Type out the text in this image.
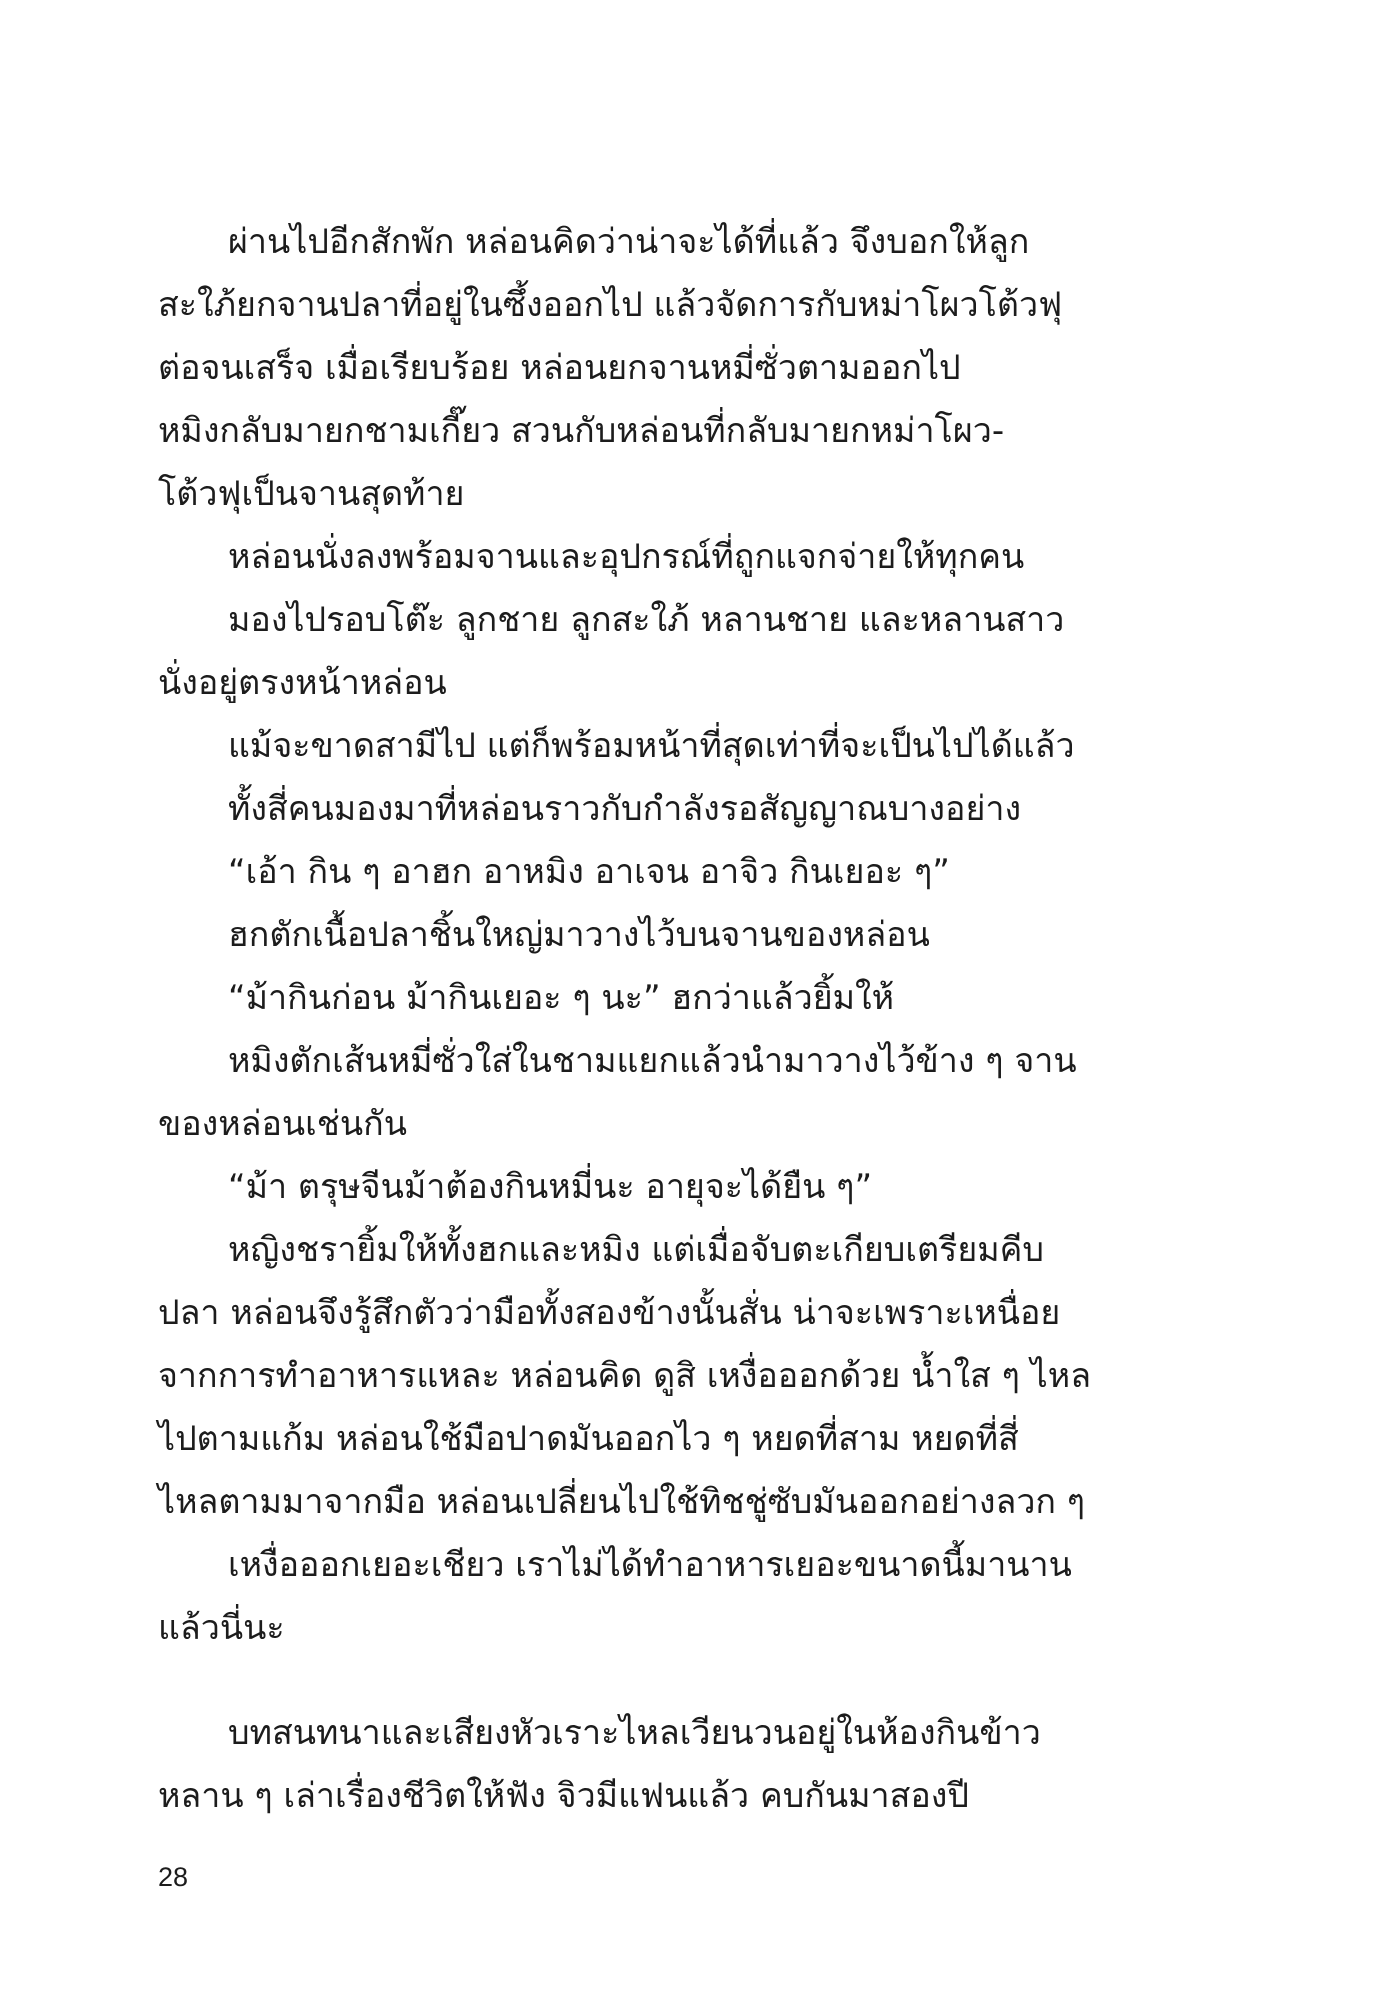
ผ่านไปอีกสักพัก หล่อนคิดว่าน่าจะได้ที่แล้ว จึงบอกให้ลูก
สะใภ้ยกจานปลาที่อยู่ในซึ้งออกไป แล้วจัดการกับหม่าโผวโต้วฟุ
ต่อจนเสร็จ เมื่อเรียบร้อย หล่อนยกจานหมี่ซั่วตามออกไป
หมิงกลับมายกชามเกี๊ยว สวนกับหล่อนที่กลับมายกหม่าโผว-
โต้วฟุเป็นจานสุดท้าย
หล่อนนั่งลงพร้อมจานและอุปกรณ์ที่ถูกแจกจ่ายให้ทุกคน
มองไปรอบโต๊ะ ลูกชาย ลูกสะใภ้ หลานชาย และหลานสาว
นั่งอยู่ตรงหน้าหล่อน
แม้จะขาดสามีไป แต่ก็พร้อมหน้าที่สุดเท่าที่จะเป็นไปได้แล้ว
ทั้งสี่คนมองมาที่หล่อนราวกับกำลังรอสัญญาณบางอย่าง
“เอ้า กิน ๆ อาฮก อาหมิง อาเจน อาจิว กินเยอะ ๆ”
ฮกตักเนื้อปลาชิ้นใหญ่มาวางไว้บนจานของหล่อน
“ม้ากินก่อน ม้ากินเยอะ ๆ นะ” ฮกว่าแล้วยิ้มให้
หมิงตักเส้นหมี่ซั่วใส่ในชามแยกแล้วนำมาวางไว้ข้าง ๆ จาน
ของหล่อนเช่นกัน
“ม้า ตรุษจีนม้าต้องกินหมี่นะ อายุจะได้ยืน ๆ”
หญิงชรายิ้มให้ทั้งฮกและหมิง แต่เมื่อจับตะเกียบเตรียมคีบ
ปลา หล่อนจึงรู้สึกตัวว่ามือทั้งสองข้างนั้นสั่น น่าจะเพราะเหนื่อย
จากการทำอาหารแหละ หล่อนคิด ดูสิ เหงื่อออกด้วย น้ำใส ๆ ไหล
ไปตามแก้ม หล่อนใช้มือปาดมันออกไว ๆ หยดที่สาม หยดที่สี่
ไหลตามมาจากมือ หล่อนเปลี่ยนไปใช้ทิชชู่ซับมันออกอย่างลวก ๆ
เหงื่อออกเยอะเชียว เราไม่ได้ทำอาหารเยอะขนาดนี้มานาน
แล้วนี่นะ
บทสนทนาและเสียงหัวเราะไหลเวียนวนอยู่ในห้องกินข้าว
หลาน ๆ เล่าเรื่องชีวิตให้ฟัง จิวมีแฟนแล้ว คบกันมาสองปี
28
